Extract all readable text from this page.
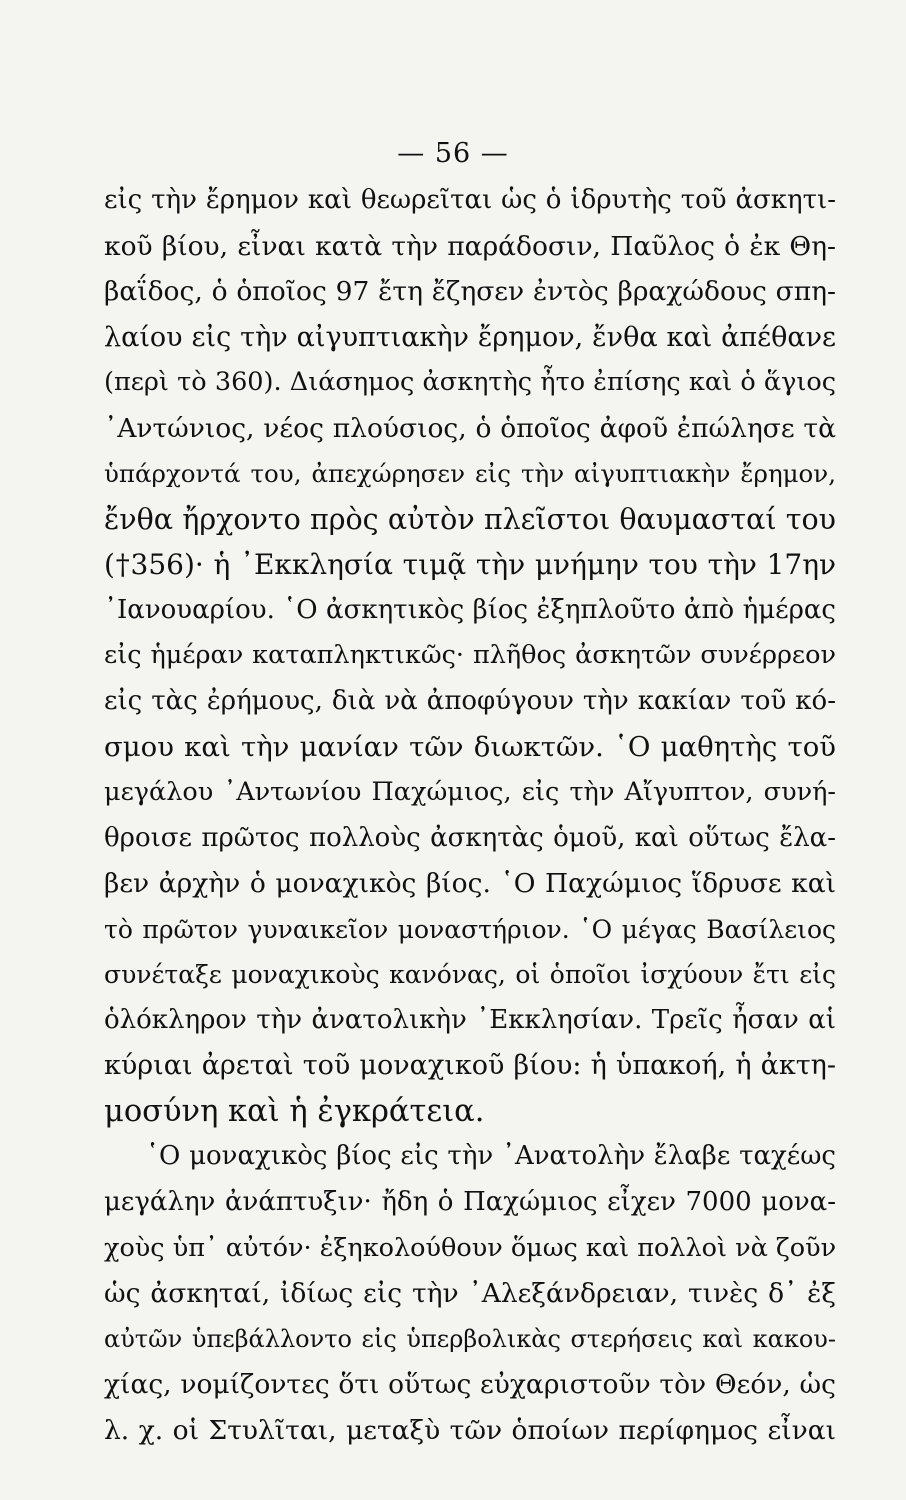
— 56 —
εἰς τὴν ἔρημον καὶ θεωρεῖται ὡς ὁ ἱδρυτὴς τοῦ ἀσκητι-
κοῦ βίου, εἶναι κατὰ τὴν παράδοσιν, Παῦλος ὁ ἐκ Θη-
βαΐδος, ὁ ὁποῖος 97 ἔτη ἔζησεν ἐντὸς βραχώδους σπη-
λαίου εἰς τὴν αἰγυπτιακὴν ἔρημον, ἔνθα καὶ ἀπέθανε
(περὶ τὸ 360). Διάσημος ἀσκητὴς ἦτο ἐπίσης καὶ ὁ ἅγιος
᾿Αντώνιος, νέος πλούσιος, ὁ ὁποῖος ἀφοῦ ἐπώλησε τὰ
ὑπάρχοντά του, ἀπεχώρησεν εἰς τὴν αἰγυπτιακὴν ἔρημον,
ἔνθα ἤρχοντο πρὸς αὐτὸν πλεῖστοι θαυμασταί του
(†356)· ἡ ᾿Εκκλησία τιμᾷ τὴν μνήμην του τὴν 17ην
᾿Ιανουαρίου. ῾Ο ἀσκητικὸς βίος ἐξηπλοῦτο ἀπὸ ἡμέρας
εἰς ἡμέραν καταπληκτικῶς· πλῆθος ἀσκητῶν συνέρρεον
εἰς τὰς ἐρήμους, διὰ νὰ ἀποφύγουν τὴν κακίαν τοῦ κό-
σμου καὶ τὴν μανίαν τῶν διωκτῶν. ῾Ο μαθητὴς τοῦ
μεγάλου ᾿Αντωνίου Παχώμιος, εἰς τὴν Αἴγυπτον, συνή-
θροισε πρῶτος πολλοὺς ἀσκητὰς ὁμοῦ, καὶ οὕτως ἔλα-
βεν ἀρχὴν ὁ μοναχικὸς βίος. ῾Ο Παχώμιος ἵδρυσε καὶ
τὸ πρῶτον γυναικεῖον μοναστήριον. ῾Ο μέγας Βασίλειος
συνέταξε μοναχικοὺς κανόνας, οἱ ὁποῖοι ἰσχύουν ἔτι εἰς
ὁλόκληρον τὴν ἀνατολικὴν ᾿Εκκλησίαν. Τρεῖς ἦσαν αἱ
κύριαι ἀρεταὶ τοῦ μοναχικοῦ βίου: ἡ ὑπακοή, ἡ ἀκτη-
μοσύνη καὶ ἡ ἐγκράτεια.
῾Ο μοναχικὸς βίος εἰς τὴν ᾿Ανατολὴν ἔλαβε ταχέως
μεγάλην ἀνάπτυξιν· ἤδη ὁ Παχώμιος εἶχεν 7000 μονα-
χοὺς ὑπ᾿ αὐτόν· ἐξηκολούθουν ὅμως καὶ πολλοὶ νὰ ζοῦν
ὡς ἀσκηταί, ἰδίως εἰς τὴν ᾿Αλεξάνδρειαν, τινὲς δ᾿ ἐξ
αὐτῶν ὑπεβάλλοντο εἰς ὑπερβολικὰς στερήσεις καὶ κακου-
χίας, νομίζοντες ὅτι οὕτως εὐχαριστοῦν τὸν Θεόν, ὡς
λ. χ. οἱ Στυλῖται, μεταξὺ τῶν ὁποίων περίφημος εἶναι
